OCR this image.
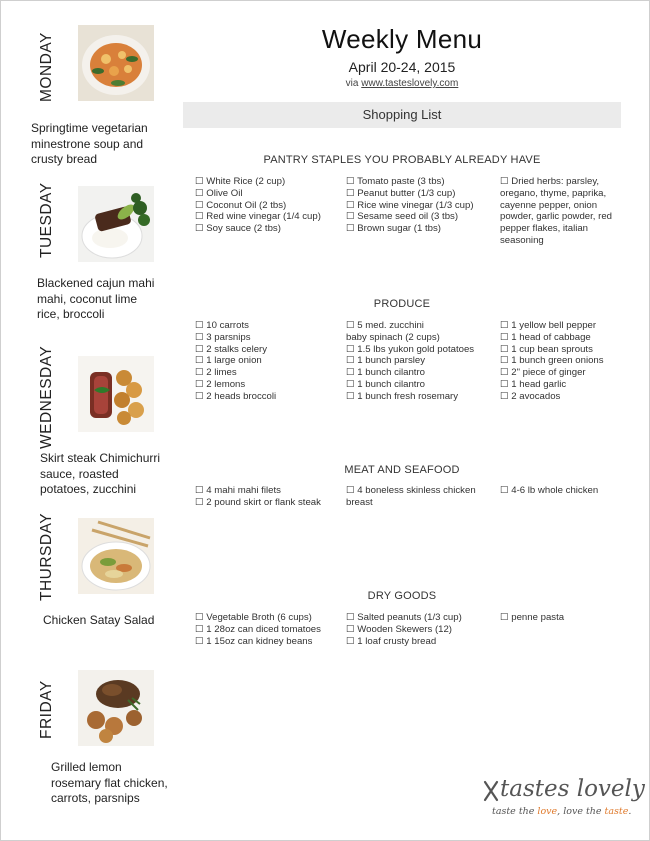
MONDAY
Springtime vegetarian
minestrone soup and
crusty bread
TUESDAY
Blackened cajun mahi
mahi, coconut lime
rice, broccoli
WEDNESDAY
Skirt steak Chimichurri
sauce, roasted
potatoes, zucchini
THURSDAY
Chicken Satay Salad
FRIDAY
Grilled lemon
rosemary flat chicken,
carrots, parsnips
Weekly Menu
April 20-24, 2015
via www.tasteslovely.com
Shopping List
PANTRY STAPLES YOU PROBABLY ALREADY HAVE
☐ White Rice (2 cup)
☐ Olive Oil
☐ Coconut Oil (2 tbs)
☐ Red wine vinegar (1/4 cup)
☐ Soy sauce (2 tbs)
☐ Tomato paste (3 tbs)
☐ Peanut butter (1/3 cup)
☐ Rice wine vinegar (1/3 cup)
☐ Sesame seed oil (3 tbs)
☐ Brown sugar (1 tbs)
☐ Dried herbs: parsley, oregano, thyme, paprika, cayenne pepper, onion powder, garlic powder, red pepper flakes, italian seasoning
PRODUCE
☐ 10 carrots
☐ 3 parsnips
☐ 2 stalks celery
☐ 1 large onion
☐ 2 limes
☐ 2 lemons
☐ 2 heads broccoli
☐ 5 med. zucchini
baby spinach (2 cups)
☐ 1.5 lbs yukon gold potatoes
☐ 1 bunch parsley
☐ 1 bunch cilantro
☐ 1 bunch cilantro
☐ 1 bunch fresh rosemary
☐ 1 yellow bell pepper
☐ 1 head of cabbage
☐ 1 cup bean sprouts
☐ 1 bunch green onions
☐ 2" piece of ginger
☐ 1 head garlic
☐ 2 avocados
MEAT AND SEAFOOD
☐ 4 mahi mahi filets
☐ 2 pound skirt or flank steak
☐ 4 boneless skinless chicken breast
☐ 4-6 lb whole chicken
DRY GOODS
☐ Vegetable Broth (6 cups)
☐ 1 28oz can diced tomatoes
☐ 1 15oz can kidney beans
☐ Salted peanuts (1/3 cup)
☐ Wooden Skewers (12)
☐ 1 loaf crusty bread
☐ penne pasta
tastes lovely
taste the love, love the taste.
